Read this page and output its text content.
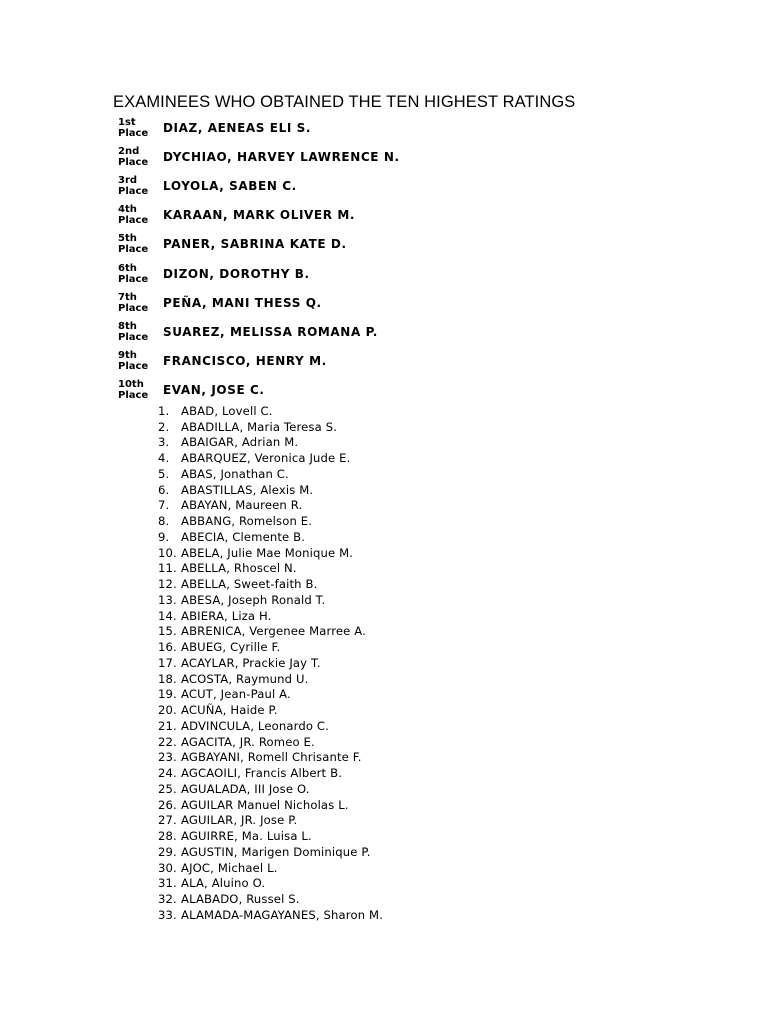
EXAMINEES WHO OBTAINED THE TEN HIGHEST RATINGS
1st
Place	DIAZ, AENEAS ELI S.
2nd
Place	DYCHIAO, HARVEY LAWRENCE N.
3rd
Place	LOYOLA, SABEN C.
4th
Place	KARAAN, MARK OLIVER M.
5th
Place	PANER, SABRINA KATE D.
6th
Place	DIZON, DOROTHY B.
7th
Place	PEÑA, MANI THESS Q.
8th
Place	SUAREZ, MELISSA ROMANA P.
9th
Place	FRANCISCO, HENRY M.
10th
Place	EVAN, JOSE C.
1.	ABAD, Lovell C.
2.	ABADILLA, Maria Teresa S.
3.	ABAIGAR, Adrian M.
4.	ABARQUEZ, Veronica Jude E.
5.	ABAS, Jonathan C.
6.	ABASTILLAS, Alexis M.
7.	ABAYAN, Maureen R.
8.	ABBANG, Romelson E.
9.	ABECIA, Clemente B.
10. ABELA, Julie Mae Monique M.
11. ABELLA, Rhoscel N.
12. ABELLA, Sweet-faith B.
13. ABESA, Joseph Ronald T.
14. ABIERA, Liza H.
15. ABRENICA, Vergenee Marree A.
16. ABUEG, Cyrille F.
17. ACAYLAR, Prackie Jay T.
18. ACOSTA, Raymund U.
19. ACUT, Jean-Paul A.
20. ACUÑA, Haide P.
21. ADVINCULA, Leonardo C.
22. AGACITA, JR. Romeo E.
23. AGBAYANI, Romell Chrisante F.
24. AGCAOILI, Francis Albert B.
25. AGUALADA, III Jose O.
26. AGUILAR Manuel Nicholas L.
27. AGUILAR, JR. Jose P.
28. AGUIRRE, Ma. Luisa L.
29. AGUSTIN, Marigen Dominique P.
30. AJOC, Michael L.
31. ALA, Aluino O.
32. ALABADO, Russel S.
33. ALAMADA-MAGAYANES, Sharon M.
